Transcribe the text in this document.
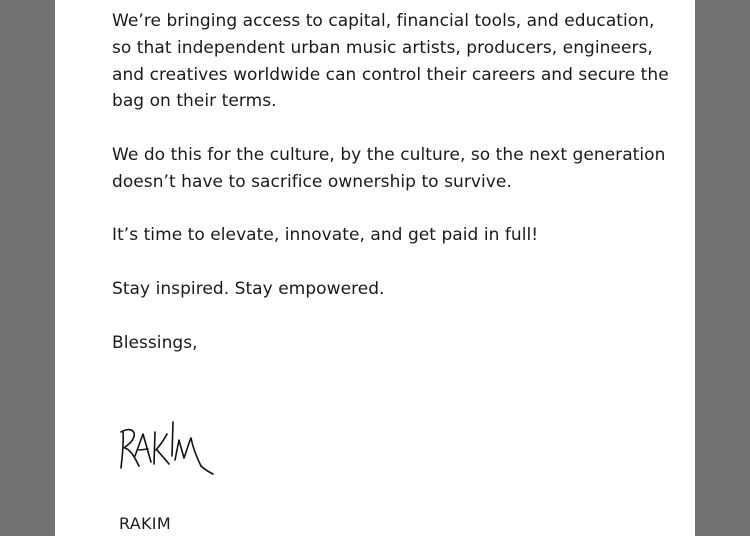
We’re bringing access to capital, financial tools, and education, so that independent urban music artists, producers, engineers, and creatives worldwide can control their careers and secure the bag on their terms.

We do this for the culture, by the culture, so the next generation doesn’t have to sacrifice ownership to survive.

It’s time to elevate, innovate, and get paid in full!

Stay inspired. Stay empowered.

Blessings,

RAKIM
